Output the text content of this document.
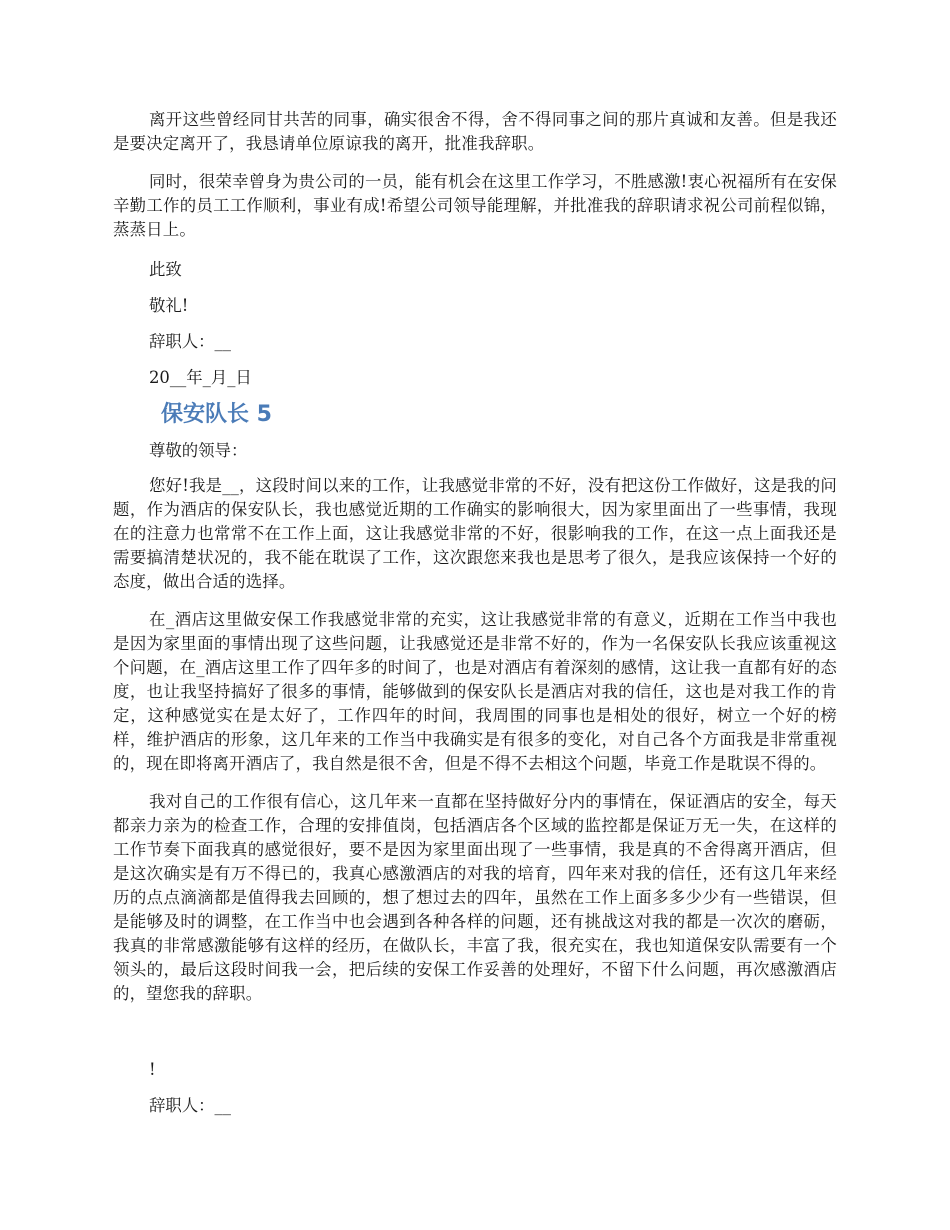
离开这些曾经同甘共苦的同事，确实很舍不得，舍不得同事之间的那片真诚和友善。但是我还是要决定离开了，我恳请单位原谅我的离开，批准我辞职。

同时，很荣幸曾身为贵公司的一员，能有机会在这里工作学习，不胜感激!衷心祝福所有在安保辛勤工作的员工工作顺利，事业有成!希望公司领导能理解，并批准我的辞职请求祝公司前程似锦，蒸蒸日上。

此致

敬礼!

辞职人：__

20__年_月_日

保安队长 5

尊敬的领导：

您好!我是__，这段时间以来的工作，让我感觉非常的不好，没有把这份工作做好，这是我的问题，作为酒店的保安队长，我也感觉近期的工作确实的影响很大，因为家里面出了一些事情，我现在的注意力也常常不在工作上面，这让我感觉非常的不好，很影响我的工作，在这一点上面我还是需要搞清楚状况的，我不能在耽误了工作，这次跟您来我也是思考了很久，是我应该保持一个好的态度，做出合适的选择。

在_酒店这里做安保工作我感觉非常的充实，这让我感觉非常的有意义，近期在工作当中我也是因为家里面的事情出现了这些问题，让我感觉还是非常不好的，作为一名保安队长我应该重视这个问题，在_酒店这里工作了四年多的时间了，也是对酒店有着深刻的感情，这让我一直都有好的态度，也让我坚持搞好了很多的事情，能够做到的保安队长是酒店对我的信任，这也是对我工作的肯定，这种感觉实在是太好了，工作四年的时间，我周围的同事也是相处的很好，树立一个好的榜样，维护酒店的形象，这几年来的工作当中我确实是有很多的变化，对自己各个方面我是非常重视的，现在即将离开酒店了，我自然是很不舍，但是不得不去相这个问题，毕竟工作是耽误不得的。

我对自己的工作很有信心，这几年来一直都在坚持做好分内的事情在，保证酒店的安全，每天都亲力亲为的检查工作，合理的安排值岗，包括酒店各个区域的监控都是保证万无一失，在这样的工作节奏下面我真的感觉很好，要不是因为家里面出现了一些事情，我是真的不舍得离开酒店，但是这次确实是有万不得已的，我真心感激酒店的对我的培育，四年来对我的信任，还有这几年来经历的点点滴滴都是值得我去回顾的，想了想过去的四年，虽然在工作上面多多少少有一些错误，但是能够及时的调整，在工作当中也会遇到各种各样的问题，还有挑战这对我的都是一次次的磨砺，我真的非常感激能够有这样的经历，在做队长，丰富了我，很充实在，我也知道保安队需要有一个领头的，最后这段时间我一会，把后续的安保工作妥善的处理好，不留下什么问题，再次感激酒店的，望您我的辞职。

!

辞职人：__
